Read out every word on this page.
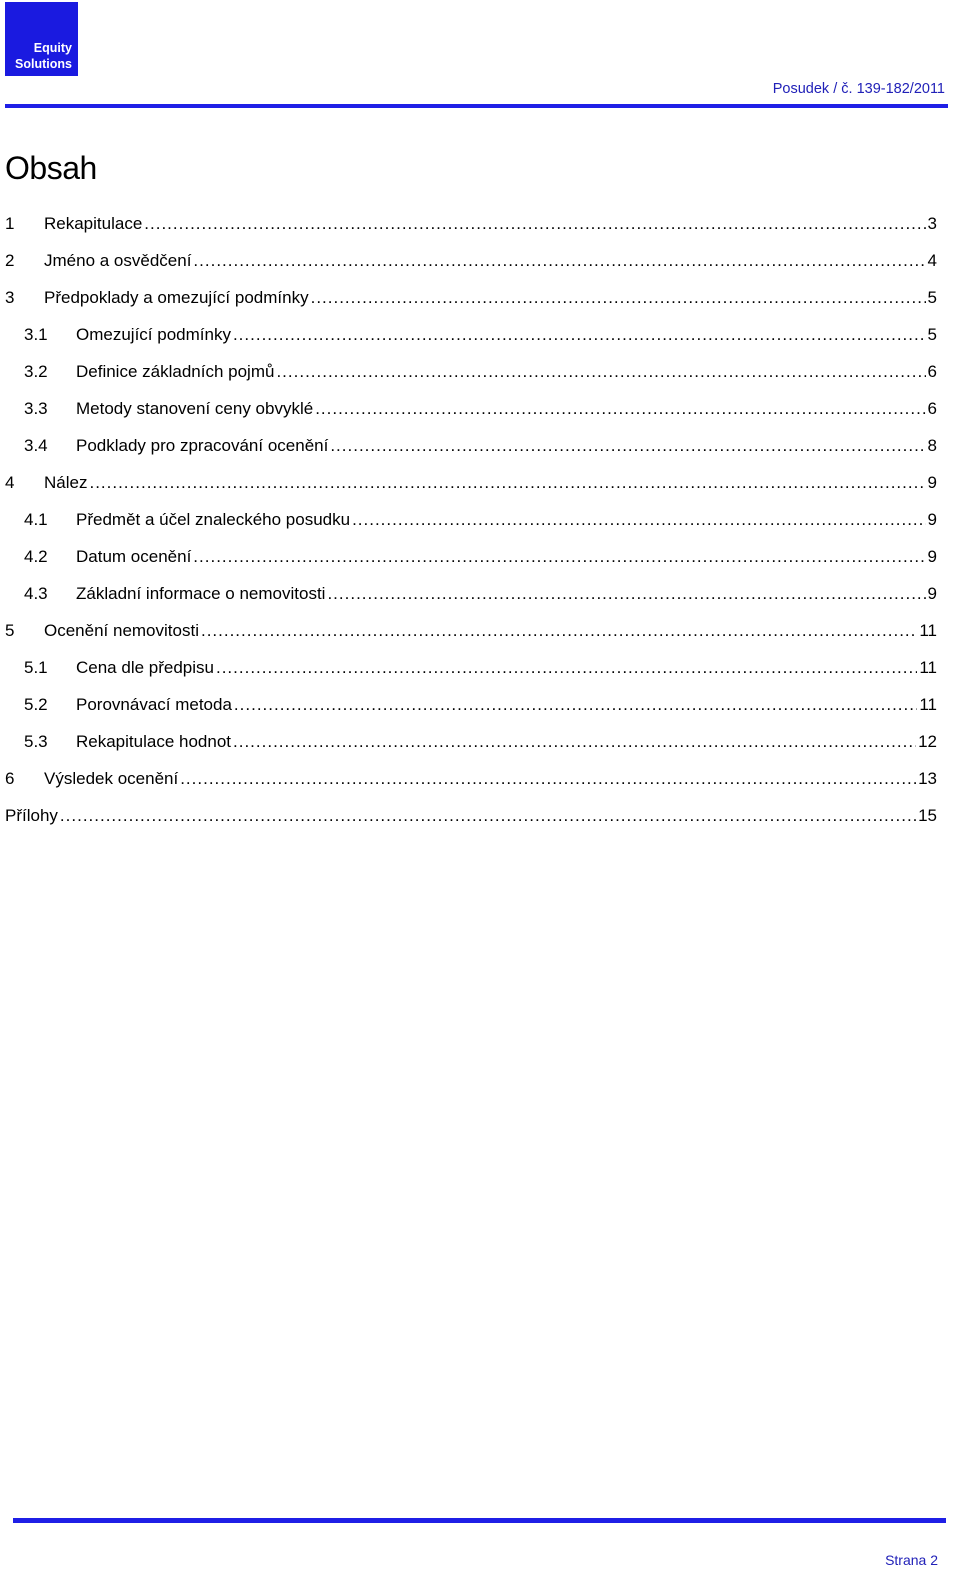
Equity
Solutions
Posudek / č. 139-182/2011
Obsah
1	Rekapitulace .....	3
2	Jméno a osvědčení .....	4
3	Předpoklady a omezující podmínky .....	5
3.1	Omezující podmínky .....	5
3.2	Definice základních pojmů .....	6
3.3	Metody stanovení ceny obvyklé .....	6
3.4	Podklady pro zpracování ocenění .....	8
4	Nález .....	9
4.1	Předmět a účel znaleckého posudku .....	9
4.2	Datum ocenění .....	9
4.3	Základní informace o nemovitosti .....	9
5	Ocenění nemovitosti .....	11
5.1	Cena dle předpisu .....	11
5.2	Porovnávací metoda .....	11
5.3	Rekapitulace hodnot .....	12
6	Výsledek ocenění .....	13
Přílohy .....	15
Strana 2
